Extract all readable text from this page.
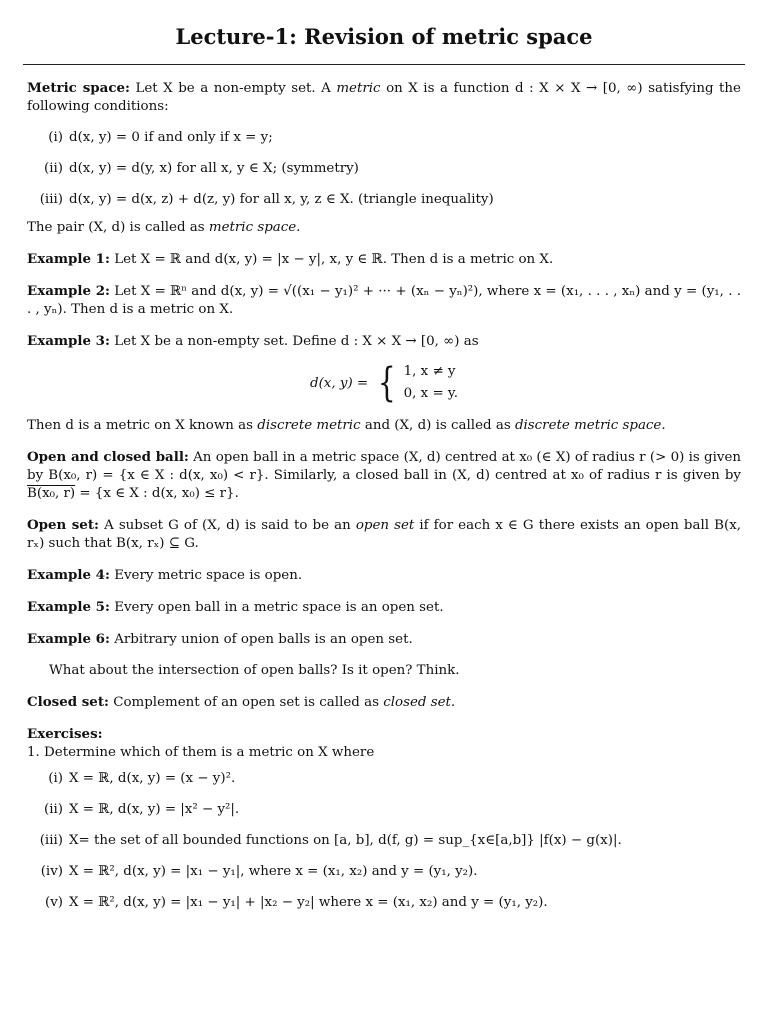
Lecture-1: Revision of metric space

Metric space: Let X be a non-empty set. A metric on X is a function d : X × X → [0, ∞) satisfying the following conditions:

(i) d(x, y) = 0 if and only if x = y;
(ii) d(x, y) = d(y, x) for all x, y ∈ X; (symmetry)
(iii) d(x, y) = d(x, z) + d(z, y) for all x, y, z ∈ X. (triangle inequality)

The pair (X, d) is called as metric space.

Example 1: Let X = ℝ and d(x, y) = |x − y|, x, y ∈ ℝ. Then d is a metric on X.

Example 2: Let X = ℝⁿ and d(x, y) = √((x₁ − y₁)² + ··· + (xₙ − yₙ)²), where x = (x₁, . . . , xₙ) and y = (y₁, . . . , yₙ). Then d is a metric on X.

Example 3: Let X be a non-empty set. Define d : X × X → [0, ∞) as

d(x, y) = { 1, x ≠ y
0, x = y.

Then d is a metric on X known as discrete metric and (X, d) is called as discrete metric space.

Open and closed ball: An open ball in a metric space (X, d) centred at x₀ (∈ X) of radius r (> 0) is given by B(x₀, r) = {x ∈ X : d(x, x₀) < r}. Similarly, a closed ball in (X, d) centred at x₀ of radius r is given by B(x₀, r) = {x ∈ X : d(x, x₀) ≤ r}.

Open set: A subset G of (X, d) is said to be an open set if for each x ∈ G there exists an open ball B(x, rₓ) such that B(x, rₓ) ⊆ G.

Example 4: Every metric space is open.

Example 5: Every open ball in a metric space is an open set.

Example 6: Arbitrary union of open balls is an open set.

What about the intersection of open balls? Is it open? Think.

Closed set: Complement of an open set is called as closed set.

Exercises:

1. Determine which of them is a metric on X where

(i) X = ℝ, d(x, y) = (x − y)².
(ii) X = ℝ, d(x, y) = |x² − y²|.
(iii) X= the set of all bounded functions on [a, b], d(f, g) = sup_{x∈[a,b]} |f(x) − g(x)|.
(iv) X = ℝ², d(x, y) = |x₁ − y₁|, where x = (x₁, x₂) and y = (y₁, y₂).
(v) X = ℝ², d(x, y) = |x₁ − y₁| + |x₂ − y₂| where x = (x₁, x₂) and y = (y₁, y₂).
